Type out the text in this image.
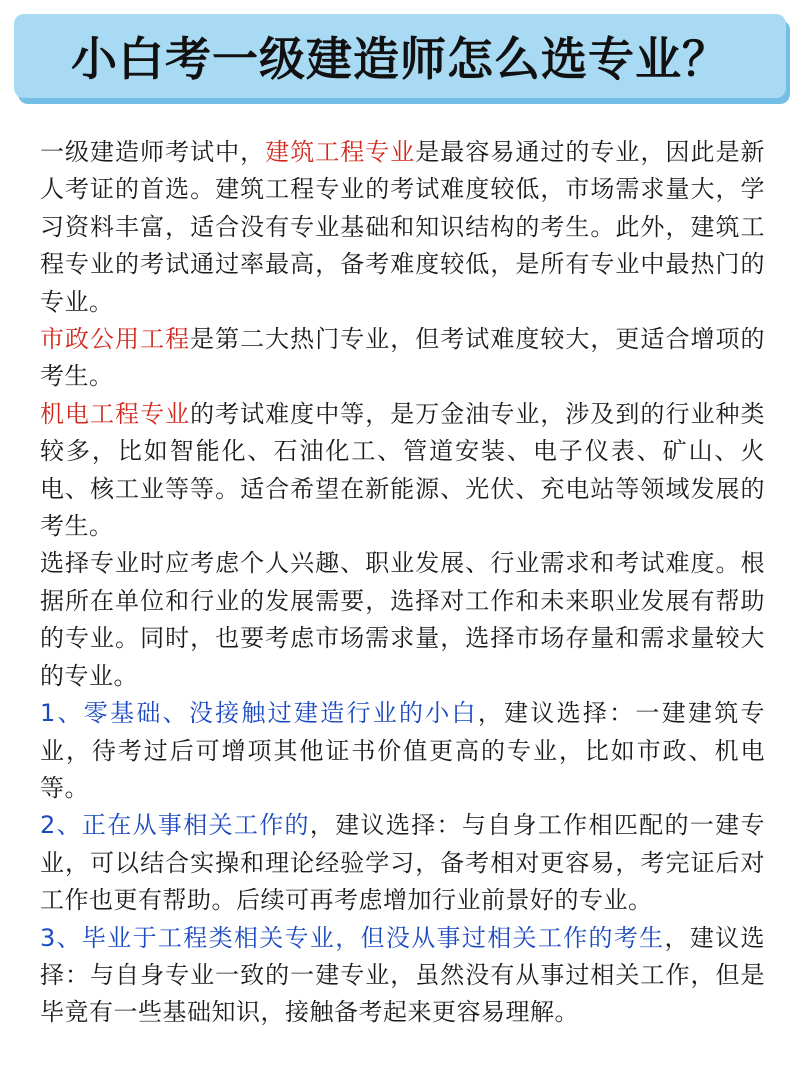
小白考一级建造师怎么选专业？

一级建造师考试中，建筑工程专业是最容易通过的专业，因此是新人考证的首选。建筑工程专业的考试难度较低，市场需求量大，学习资料丰富，适合没有专业基础和知识结构的考生。此外，建筑工程专业的考试通过率最高，备考难度较低，是所有专业中最热门的专业。

市政公用工程是第二大热门专业，但考试难度较大，更适合增项的考生。

机电工程专业的考试难度中等，是万金油专业，涉及到的行业种类较多，比如智能化、石油化工、管道安装、电子仪表、矿山、火电、核工业等等。适合希望在新能源、光伏、充电站等领域发展的考生。

选择专业时应考虑个人兴趣、职业发展、行业需求和考试难度。根据所在单位和行业的发展需要，选择对工作和未来职业发展有帮助的专业。同时，也要考虑市场需求量，选择市场存量和需求量较大的专业。

1、零基础、没接触过建造行业的小白，建议选择：一建建筑专业，待考过后可增项其他证书价值更高的专业，比如市政、机电等。

2、正在从事相关工作的，建议选择：与自身工作相匹配的一建专业，可以结合实操和理论经验学习，备考相对更容易，考完证后对工作也更有帮助。后续可再考虑增加行业前景好的专业。

3、毕业于工程类相关专业，但没从事过相关工作的考生，建议选择：与自身专业一致的一建专业，虽然没有从事过相关工作，但是毕竟有一些基础知识，接触备考起来更容易理解。
